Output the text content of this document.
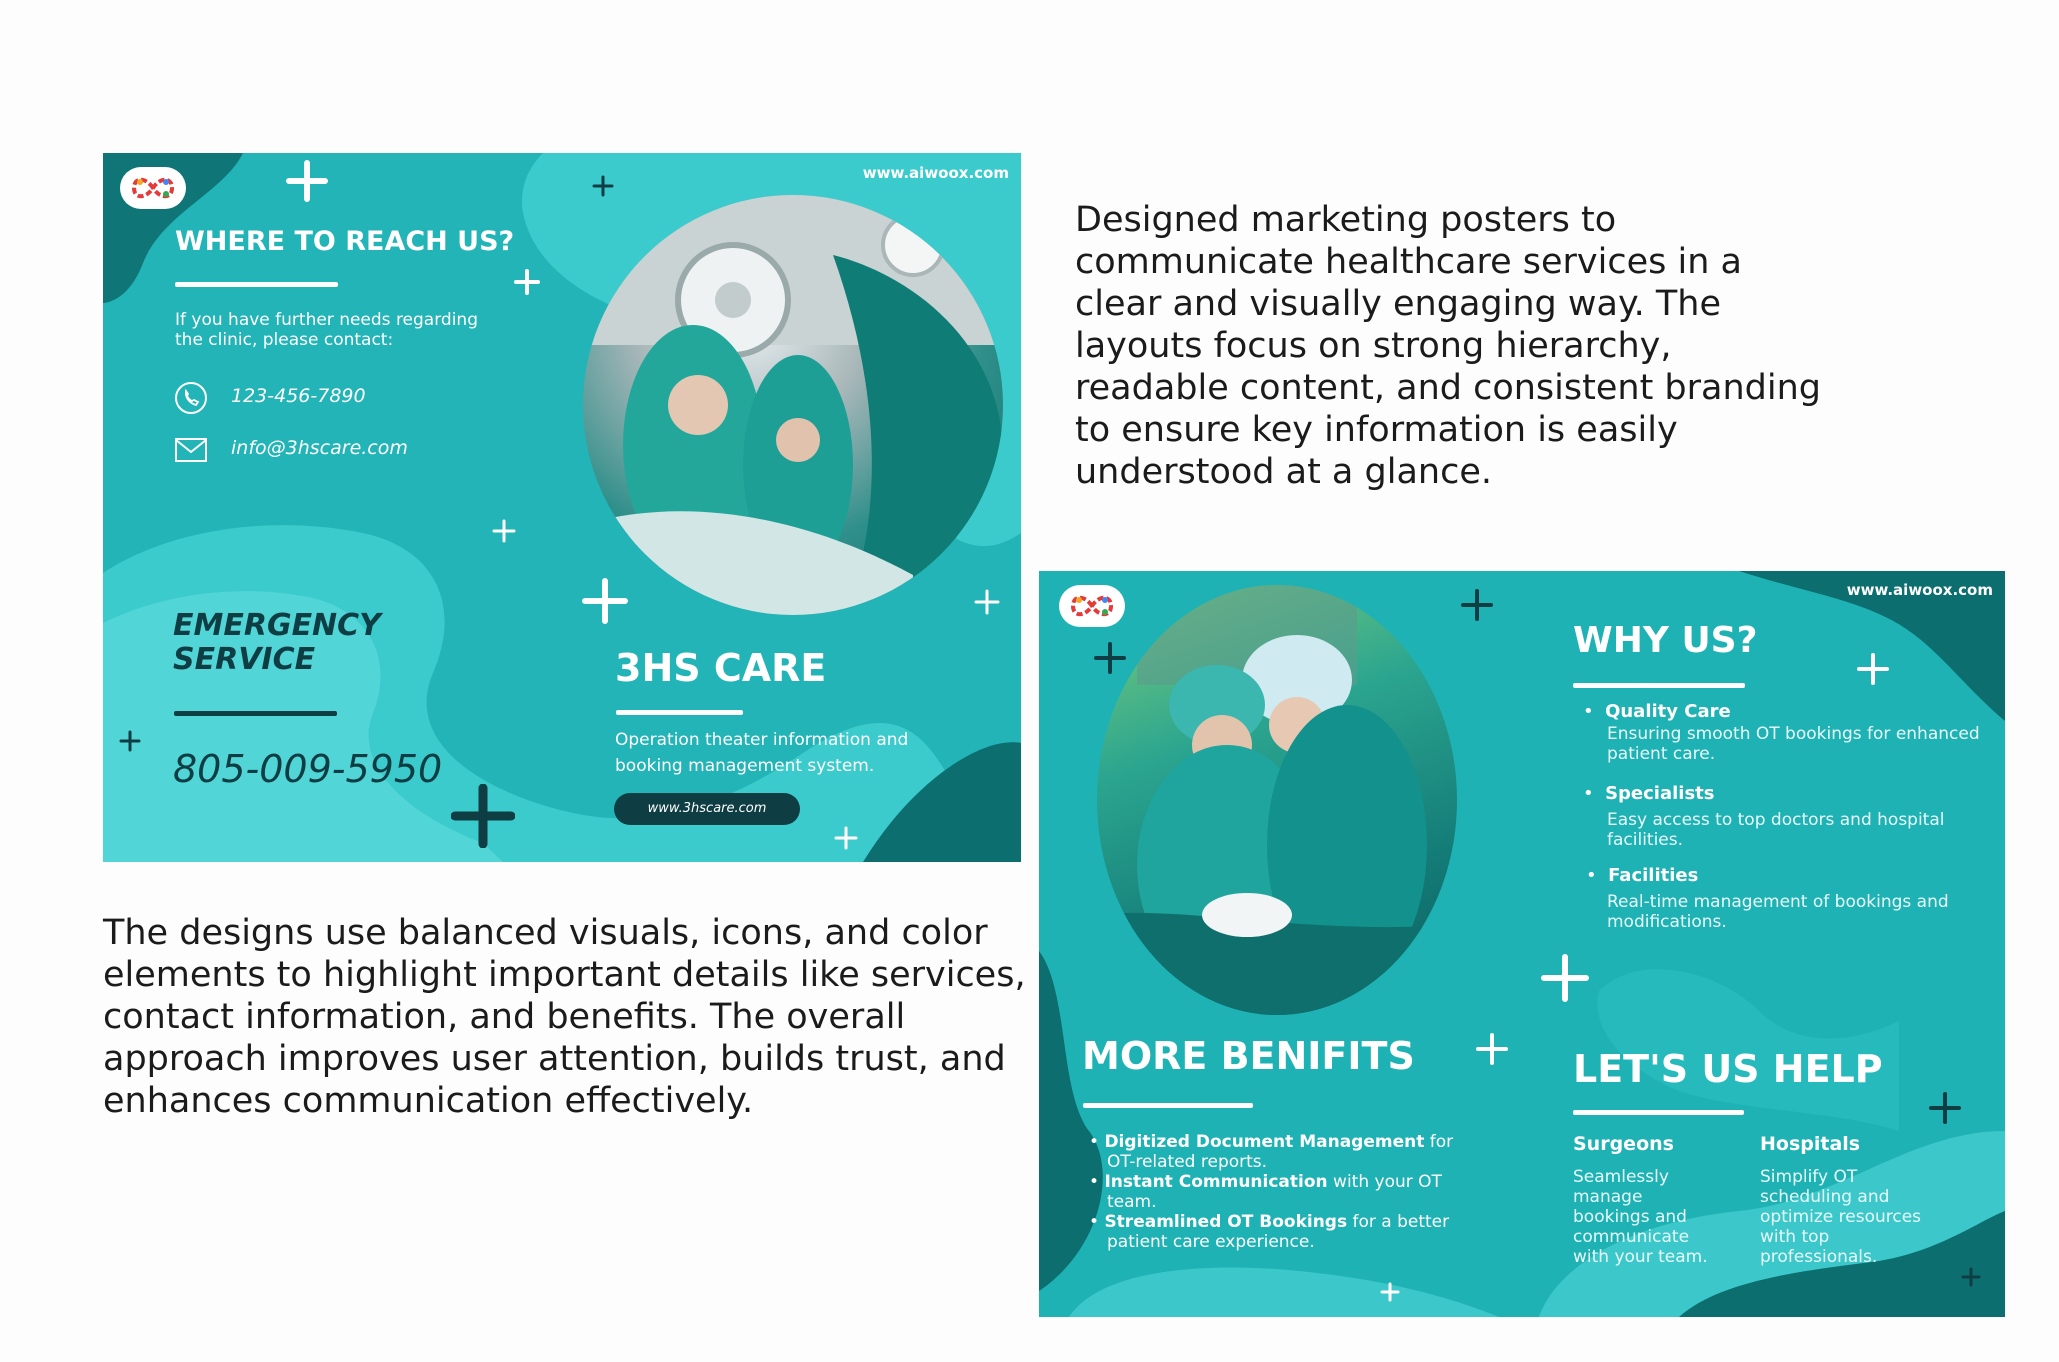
www.aiwoox.com
WHERE TO REACH US?
If you have further needs regarding
the clinic, please contact:
123-456-7890
info@3hscare.com
EMERGENCY
SERVICE
805-009-5950
3HS CARE
Operation theater information and
booking management system.
www.3hscare.com
Designed marketing posters to
communicate healthcare services in a
clear and visually engaging way. The
layouts focus on strong hierarchy,
readable content, and consistent branding
to ensure key information is easily
understood at a glance.
The designs use balanced visuals, icons, and color
elements to highlight important details like services,
contact information, and benefits. The overall
approach improves user attention, builds trust, and
enhances communication effectively.
www.aiwoox.com
WHY US?
•  Quality Care
Ensuring smooth OT bookings for enhanced
patient care.
•  Specialists
Easy access to top doctors and hospital
facilities.
•  Facilities
Real-time management of bookings and
modifications.
MORE BENIFITS
• Digitized Document Management for
OT-related reports.
• Instant Communication with your OT
team.
• Streamlined OT Bookings for a better
patient care experience.
LET'S US HELP
Surgeons
Seamlessly
manage
bookings and
communicate
with your team.
Hospitals
Simplify OT
scheduling and
optimize resources
with top
professionals.
